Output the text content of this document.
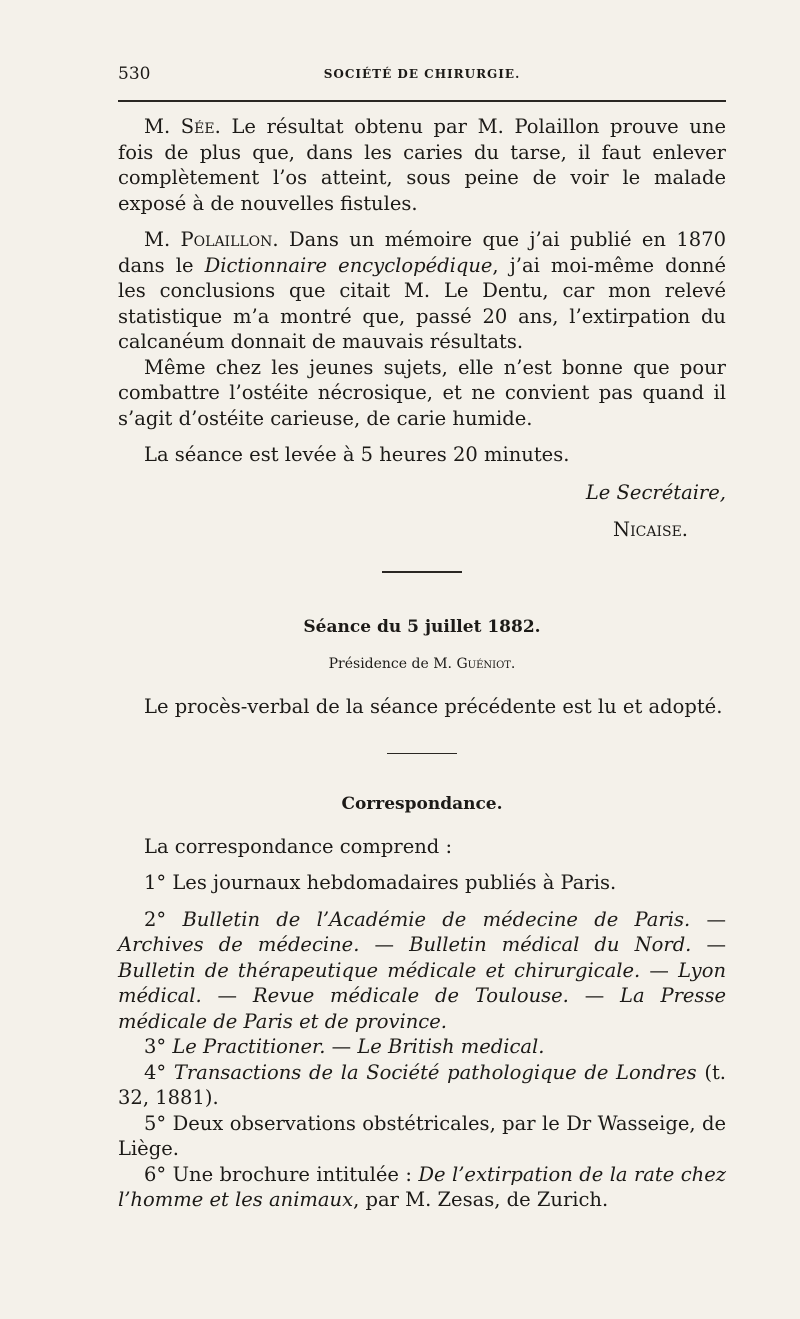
530	SOCIÉTÉ DE CHIRURGIE.

M. Sée. Le résultat obtenu par M. Polaillon prouve une fois de plus que, dans les caries du tarse, il faut enlever complètement l’os atteint, sous peine de voir le malade exposé à de nouvelles fistules.

M. Polaillon. Dans un mémoire que j’ai publié en 1870 dans le Dictionnaire encyclopédique, j’ai moi-même donné les conclusions que citait M. Le Dentu, car mon relevé statistique m’a montré que, passé 20 ans, l’extirpation du calcanéum donnait de mauvais résultats.

Même chez les jeunes sujets, elle n’est bonne que pour combattre l’ostéite nécrosique, et ne convient pas quand il s’agit d’ostéite carieuse, de carie humide.

La séance est levée à 5 heures 20 minutes.

Le Secrétaire,

Nicaise.

Séance du 5 juillet 1882.

Présidence de M. Guéniot.

Le procès-verbal de la séance précédente est lu et adopté.

Correspondance.

La correspondance comprend :

1° Les journaux hebdomadaires publiés à Paris.

2° Bulletin de l’Académie de médecine de Paris. — Archives de médecine. — Bulletin médical du Nord. — Bulletin de thérapeutique médicale et chirurgicale. — Lyon médical. — Revue médicale de Toulouse. — La Presse médicale de Paris et de province.

3° Le Practitioner. — Le British medical.

4° Transactions de la Société pathologique de Londres (t. 32, 1881).

5° Deux observations obstétricales, par le Dr Wasseige, de Liège.

6° Une brochure intitulée : De l’extirpation de la rate chez l’homme et les animaux, par M. Zesas, de Zurich.
